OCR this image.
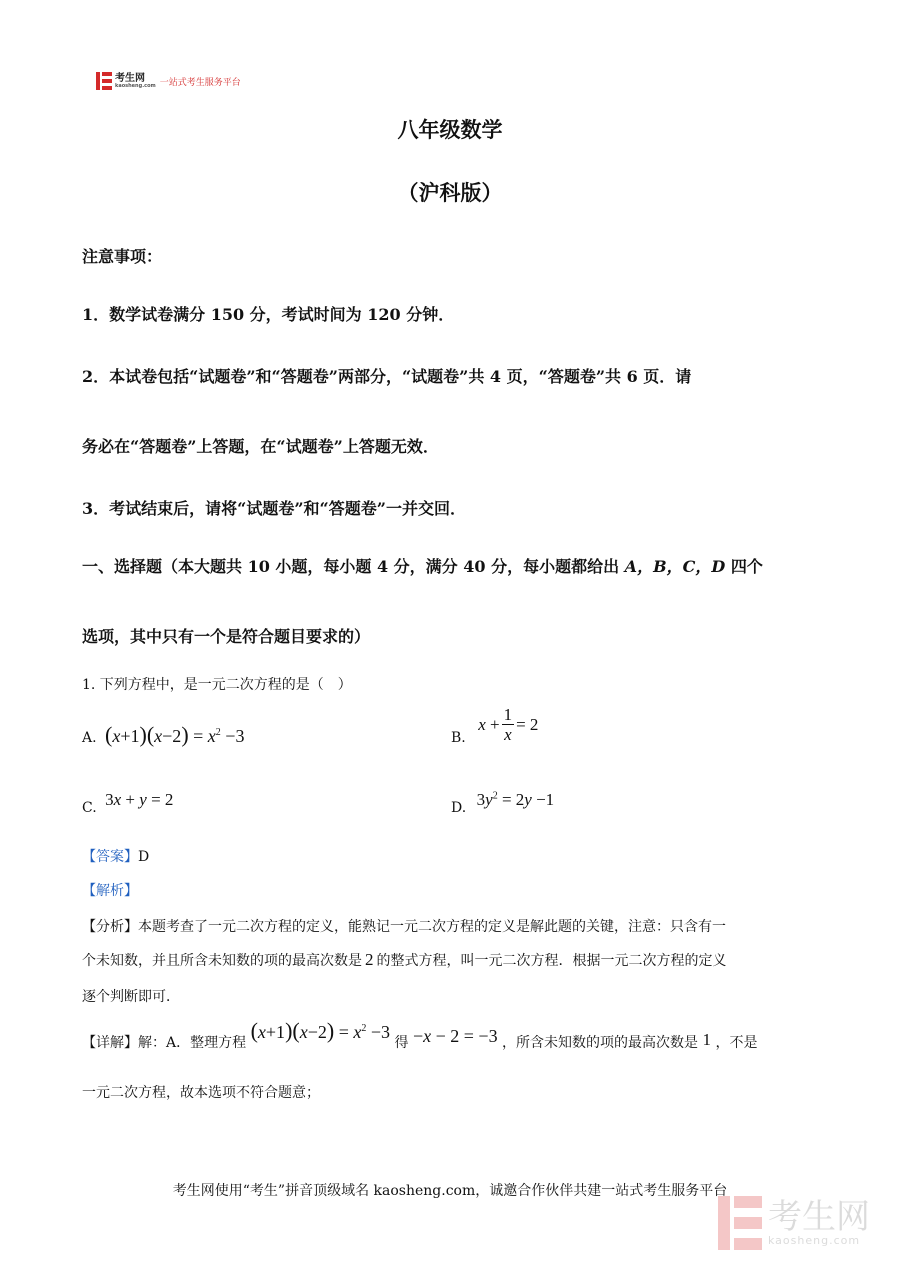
考生网
kaosheng.com 一站式考生服务平台
八年级数学
（沪科版）
注意事项：
1．数学试卷满分 150 分，考试时间为 120 分钟．
2．本试卷包括“试题卷”和“答题卷”两部分，“试题卷”共 4 页，“答题卷”共 6 页．请
务必在“答题卷”上答题，在“试题卷”上答题无效．
3．考试结束后，请将“试题卷”和“答题卷”一并交回．
一、选择题（本大题共 10 小题，每小题 4 分，满分 40 分，每小题都给出 A，B，C，D 四个
选项，其中只有一个是符合题目要求的）
1. 下列方程中，是一元二次方程的是（　）
A. $(x+1)(x-2) = x^2 -3$	B. $x + \frac{1}{x} = 2$
C. 3x + y = 2	D. $3y^2 = 2y -1$
【答案】D
【解析】
【分析】本题考查了一元二次方程的定义，能熟记一元二次方程的定义是解此题的关键，注意：只含有一
个未知数，并且所含未知数的项的最高次数是 2 的整式方程，叫一元二次方程．根据一元二次方程的定义
逐个判断即可．
【详解】解：A．整理方程 $(x+1)(x-2) = x^2 -3$ 得 −x − 2 = −3 ，所含未知数的项的最高次数是 1 ，不是
一元二次方程，故本选项不符合题意；
考生网使用“考生”拼音顶级域名 kaosheng.com，诚邀合作伙伴共建一站式考生服务平台
考生网
kaosheng.com
